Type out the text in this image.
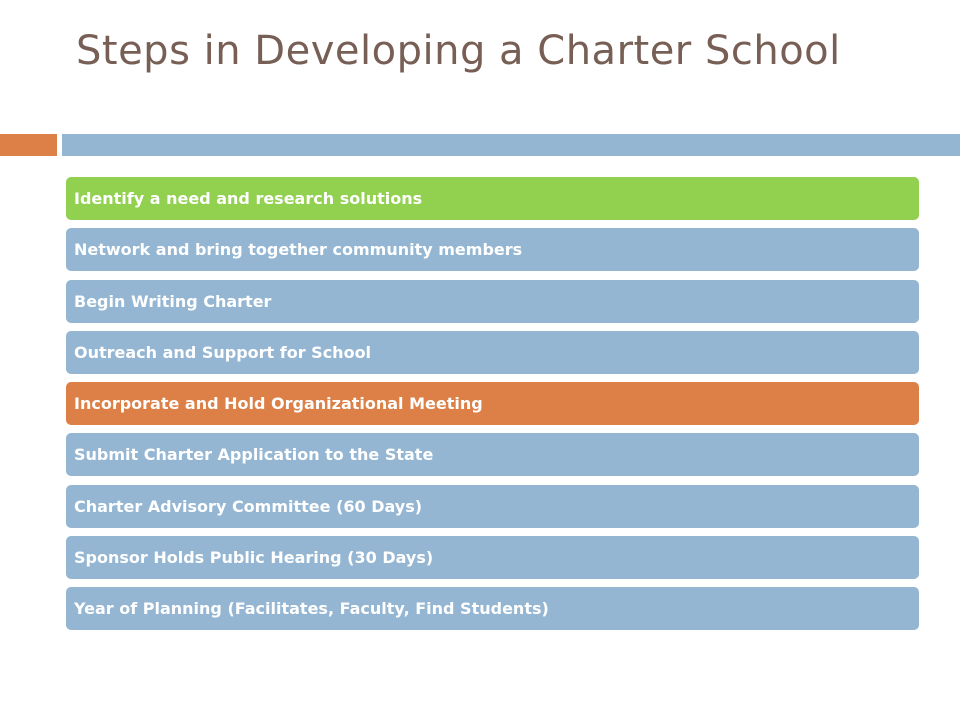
Steps in Developing a Charter School
Identify a need and research solutions
Network and bring together community members
Begin Writing Charter
Outreach and Support for School
Incorporate and Hold Organizational Meeting
Submit Charter Application to the State
Charter Advisory Committee (60 Days)
Sponsor Holds Public Hearing (30 Days)
Year of Planning (Facilitates, Faculty, Find Students)
